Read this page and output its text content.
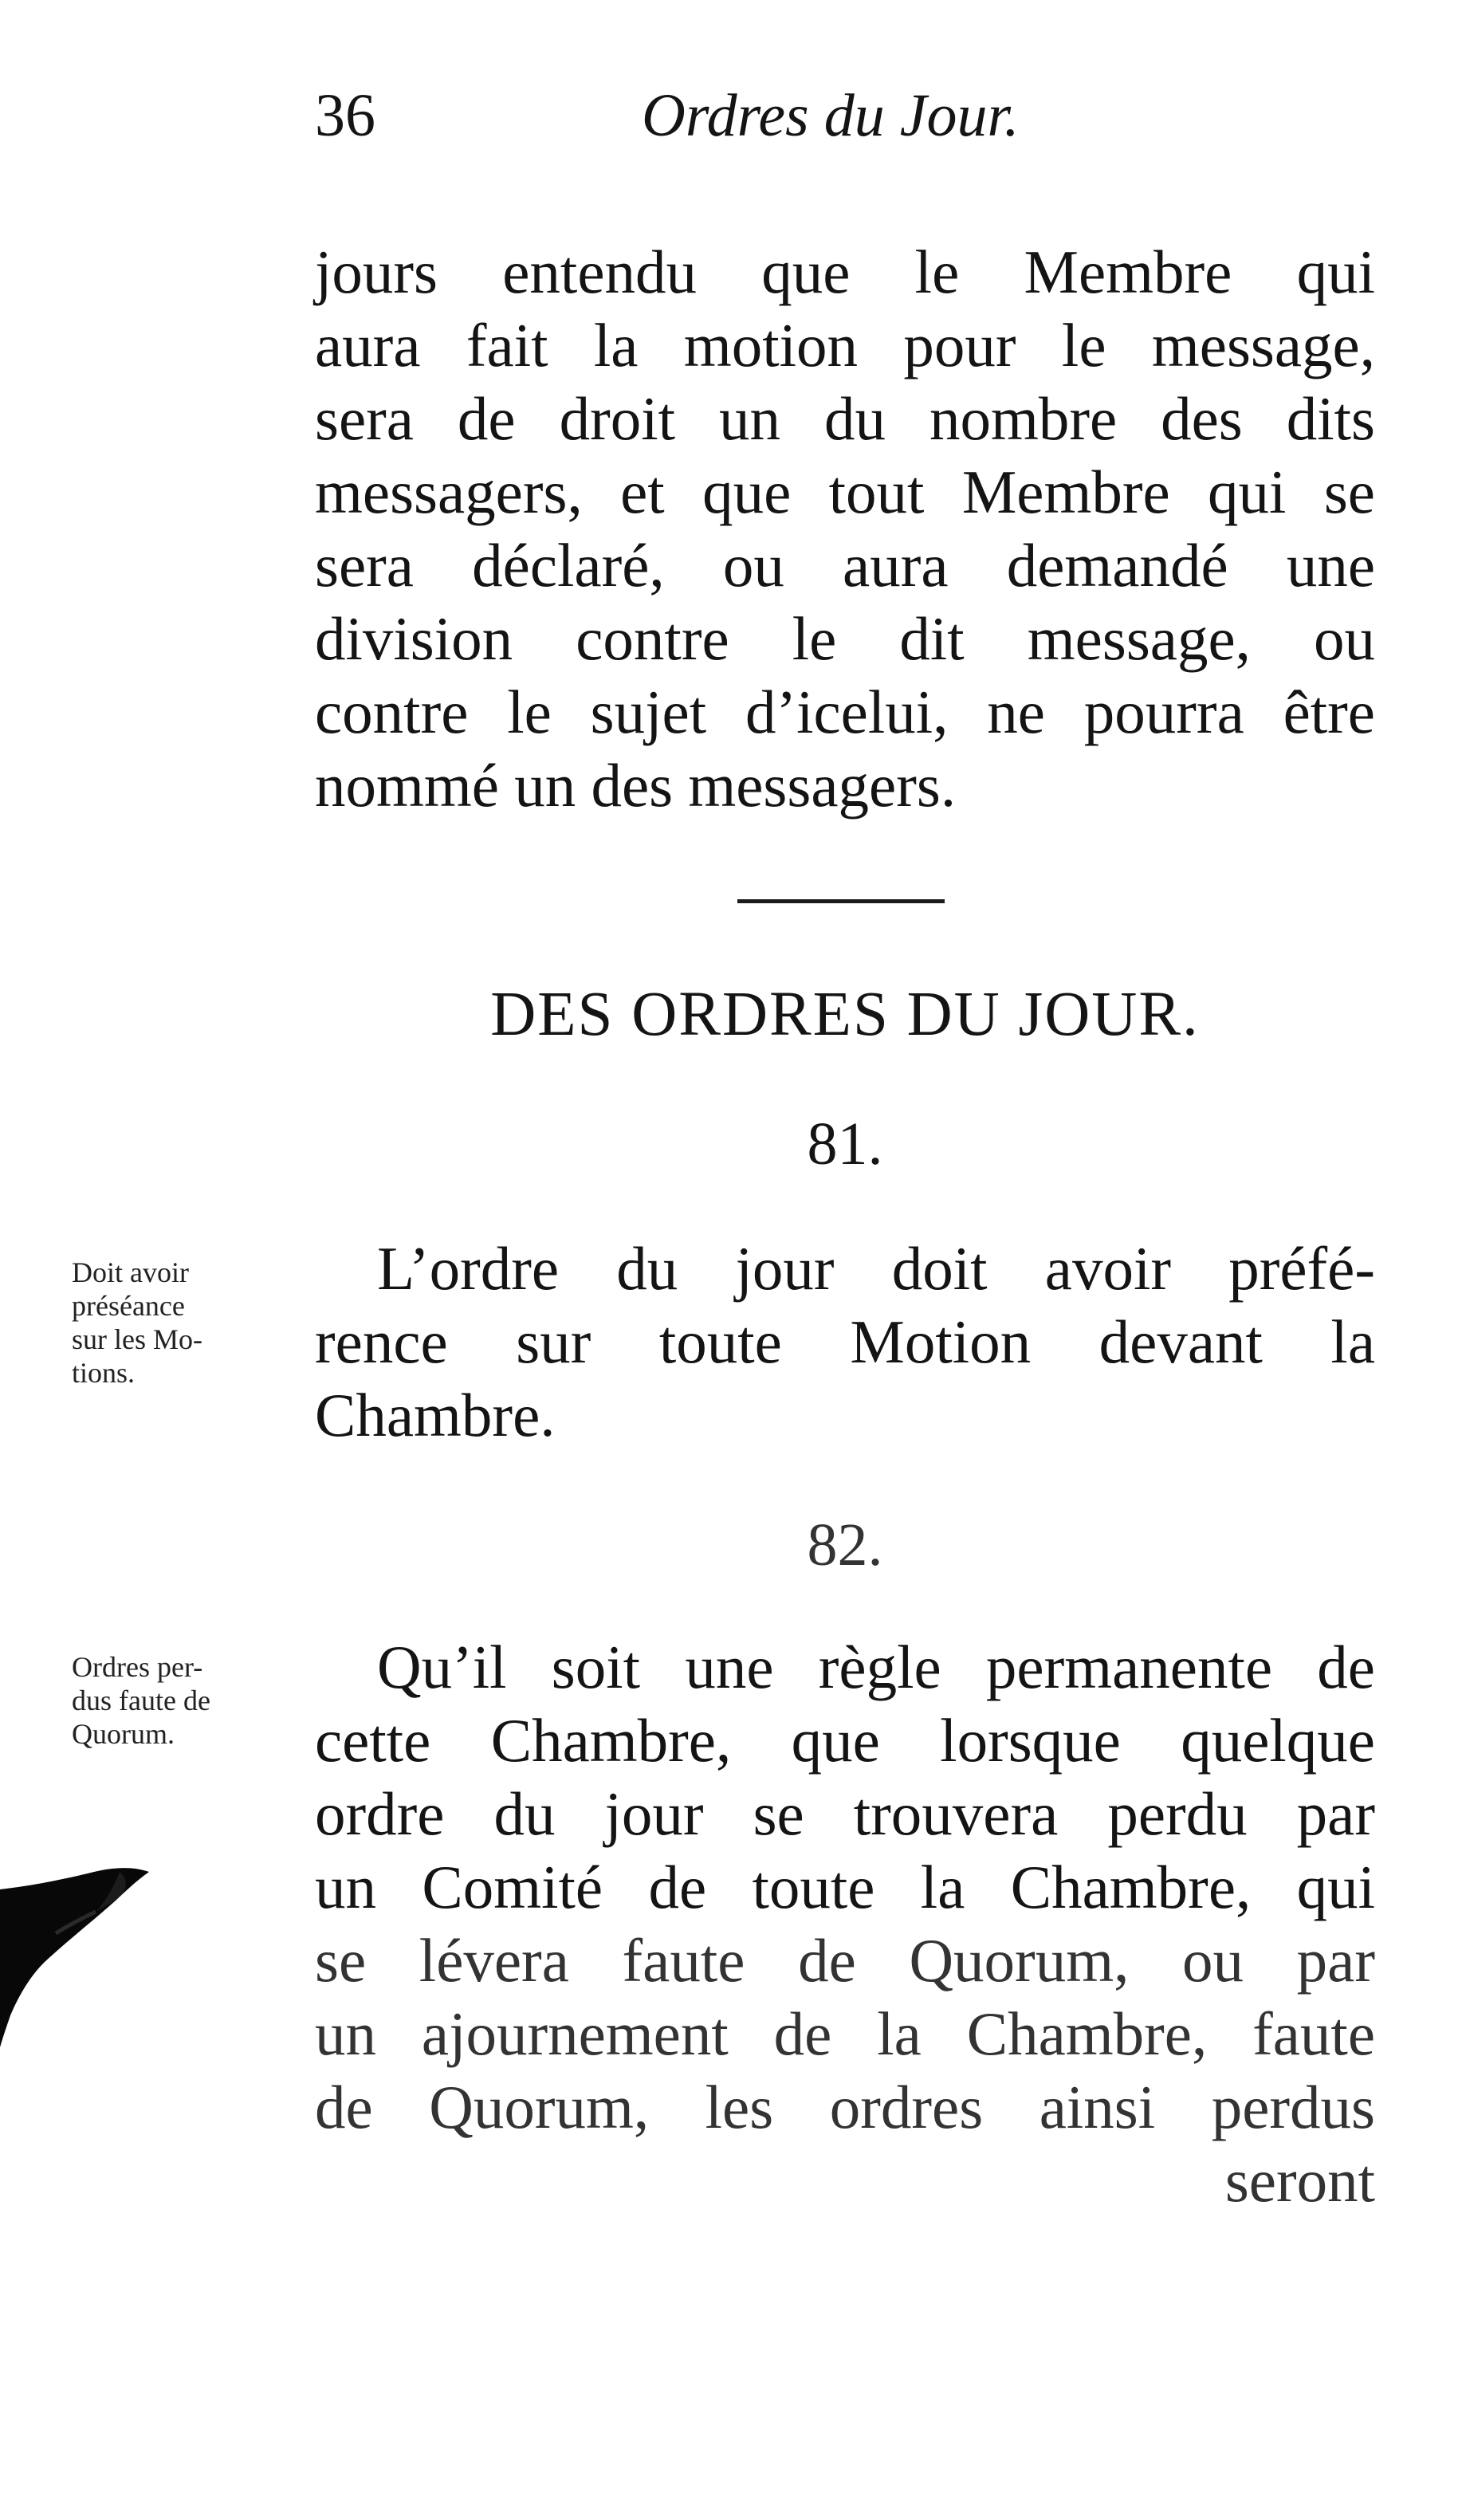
36	Ordres du Jour.
jours entendu que le Membre qui
aura fait la motion pour le message,
sera de droit un du nombre des dits
messagers, et que tout Membre qui se
sera déclaré, ou aura demandé une
division contre le dit message, ou
contre le sujet d’icelui, ne pourra être
nommé un des messagers.
DES ORDRES DU JOUR.
81.
Doit avoir
préséance
sur les Mo-
tions.
L’ordre du jour doit avoir préfé-
rence sur toute Motion devant la
Chambre.
82.
Ordres per-
dus faute de
Quorum.
Qu’il soit une règle permanente de
cette Chambre, que lorsque quelque
ordre du jour se trouvera perdu par
un Comité de toute la Chambre, qui
se lévera faute de Quorum, ou par
un ajournement de la Chambre, faute
de Quorum, les ordres ainsi perdus
seront
